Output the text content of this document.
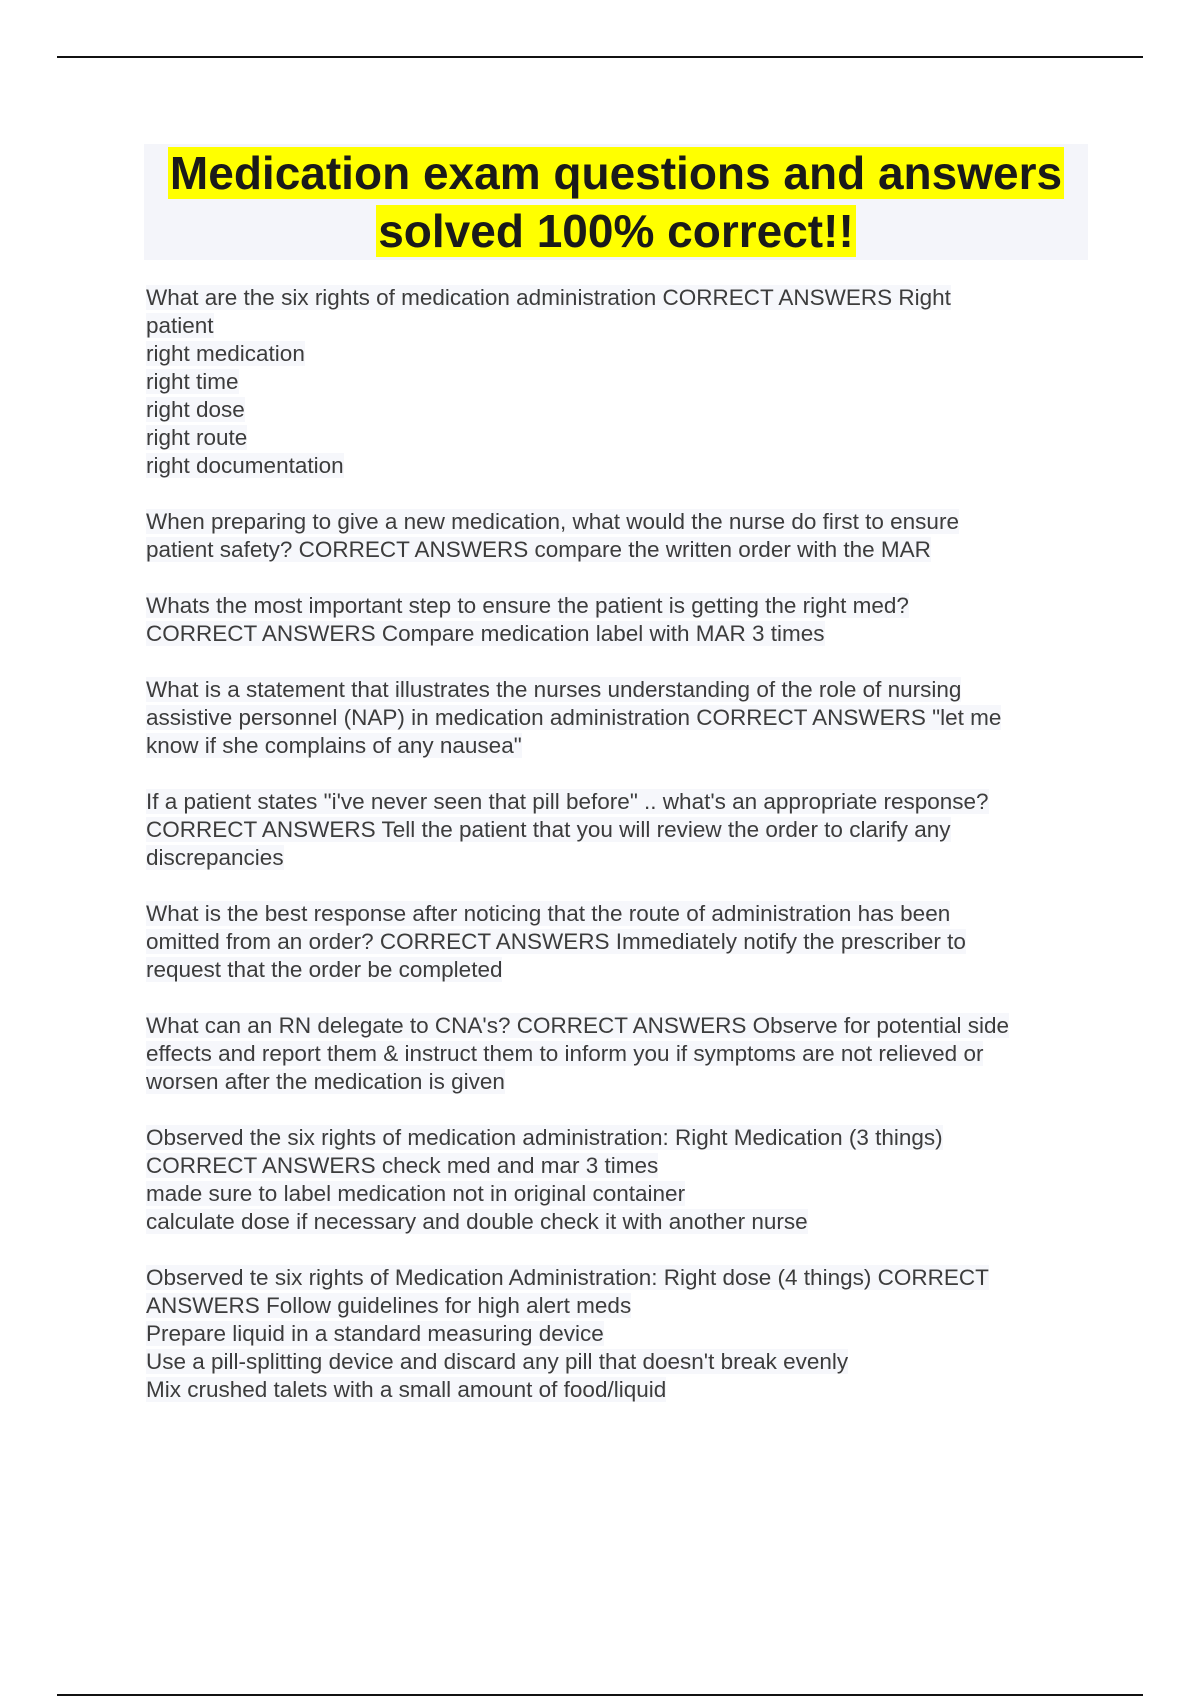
Medication exam questions and answers
solved 100% correct!!
What are the six rights of medication administration CORRECT ANSWERS Right
patient
right medication
right time
right dose
right route
right documentation
When preparing to give a new medication, what would the nurse do first to ensure
patient safety? CORRECT ANSWERS compare the written order with the MAR
Whats the most important step to ensure the patient is getting the right med?
CORRECT ANSWERS Compare medication label with MAR 3 times
What is a statement that illustrates the nurses understanding of the role of nursing
assistive personnel (NAP) in medication administration CORRECT ANSWERS "let me
know if she complains of any nausea"
If a patient states "i've never seen that pill before" .. what's an appropriate response?
CORRECT ANSWERS Tell the patient that you will review the order to clarify any
discrepancies
What is the best response after noticing that the route of administration has been
omitted from an order? CORRECT ANSWERS Immediately notify the prescriber to
request that the order be completed
What can an RN delegate to CNA's? CORRECT ANSWERS Observe for potential side
effects and report them & instruct them to inform you if symptoms are not relieved or
worsen after the medication is given
Observed the six rights of medication administration: Right Medication (3 things)
CORRECT ANSWERS check med and mar 3 times
made sure to label medication not in original container
calculate dose if necessary and double check it with another nurse
Observed te six rights of Medication Administration: Right dose (4 things) CORRECT
ANSWERS Follow guidelines for high alert meds
Prepare liquid in a standard measuring device
Use a pill-splitting device and discard any pill that doesn't break evenly
Mix crushed talets with a small amount of food/liquid
